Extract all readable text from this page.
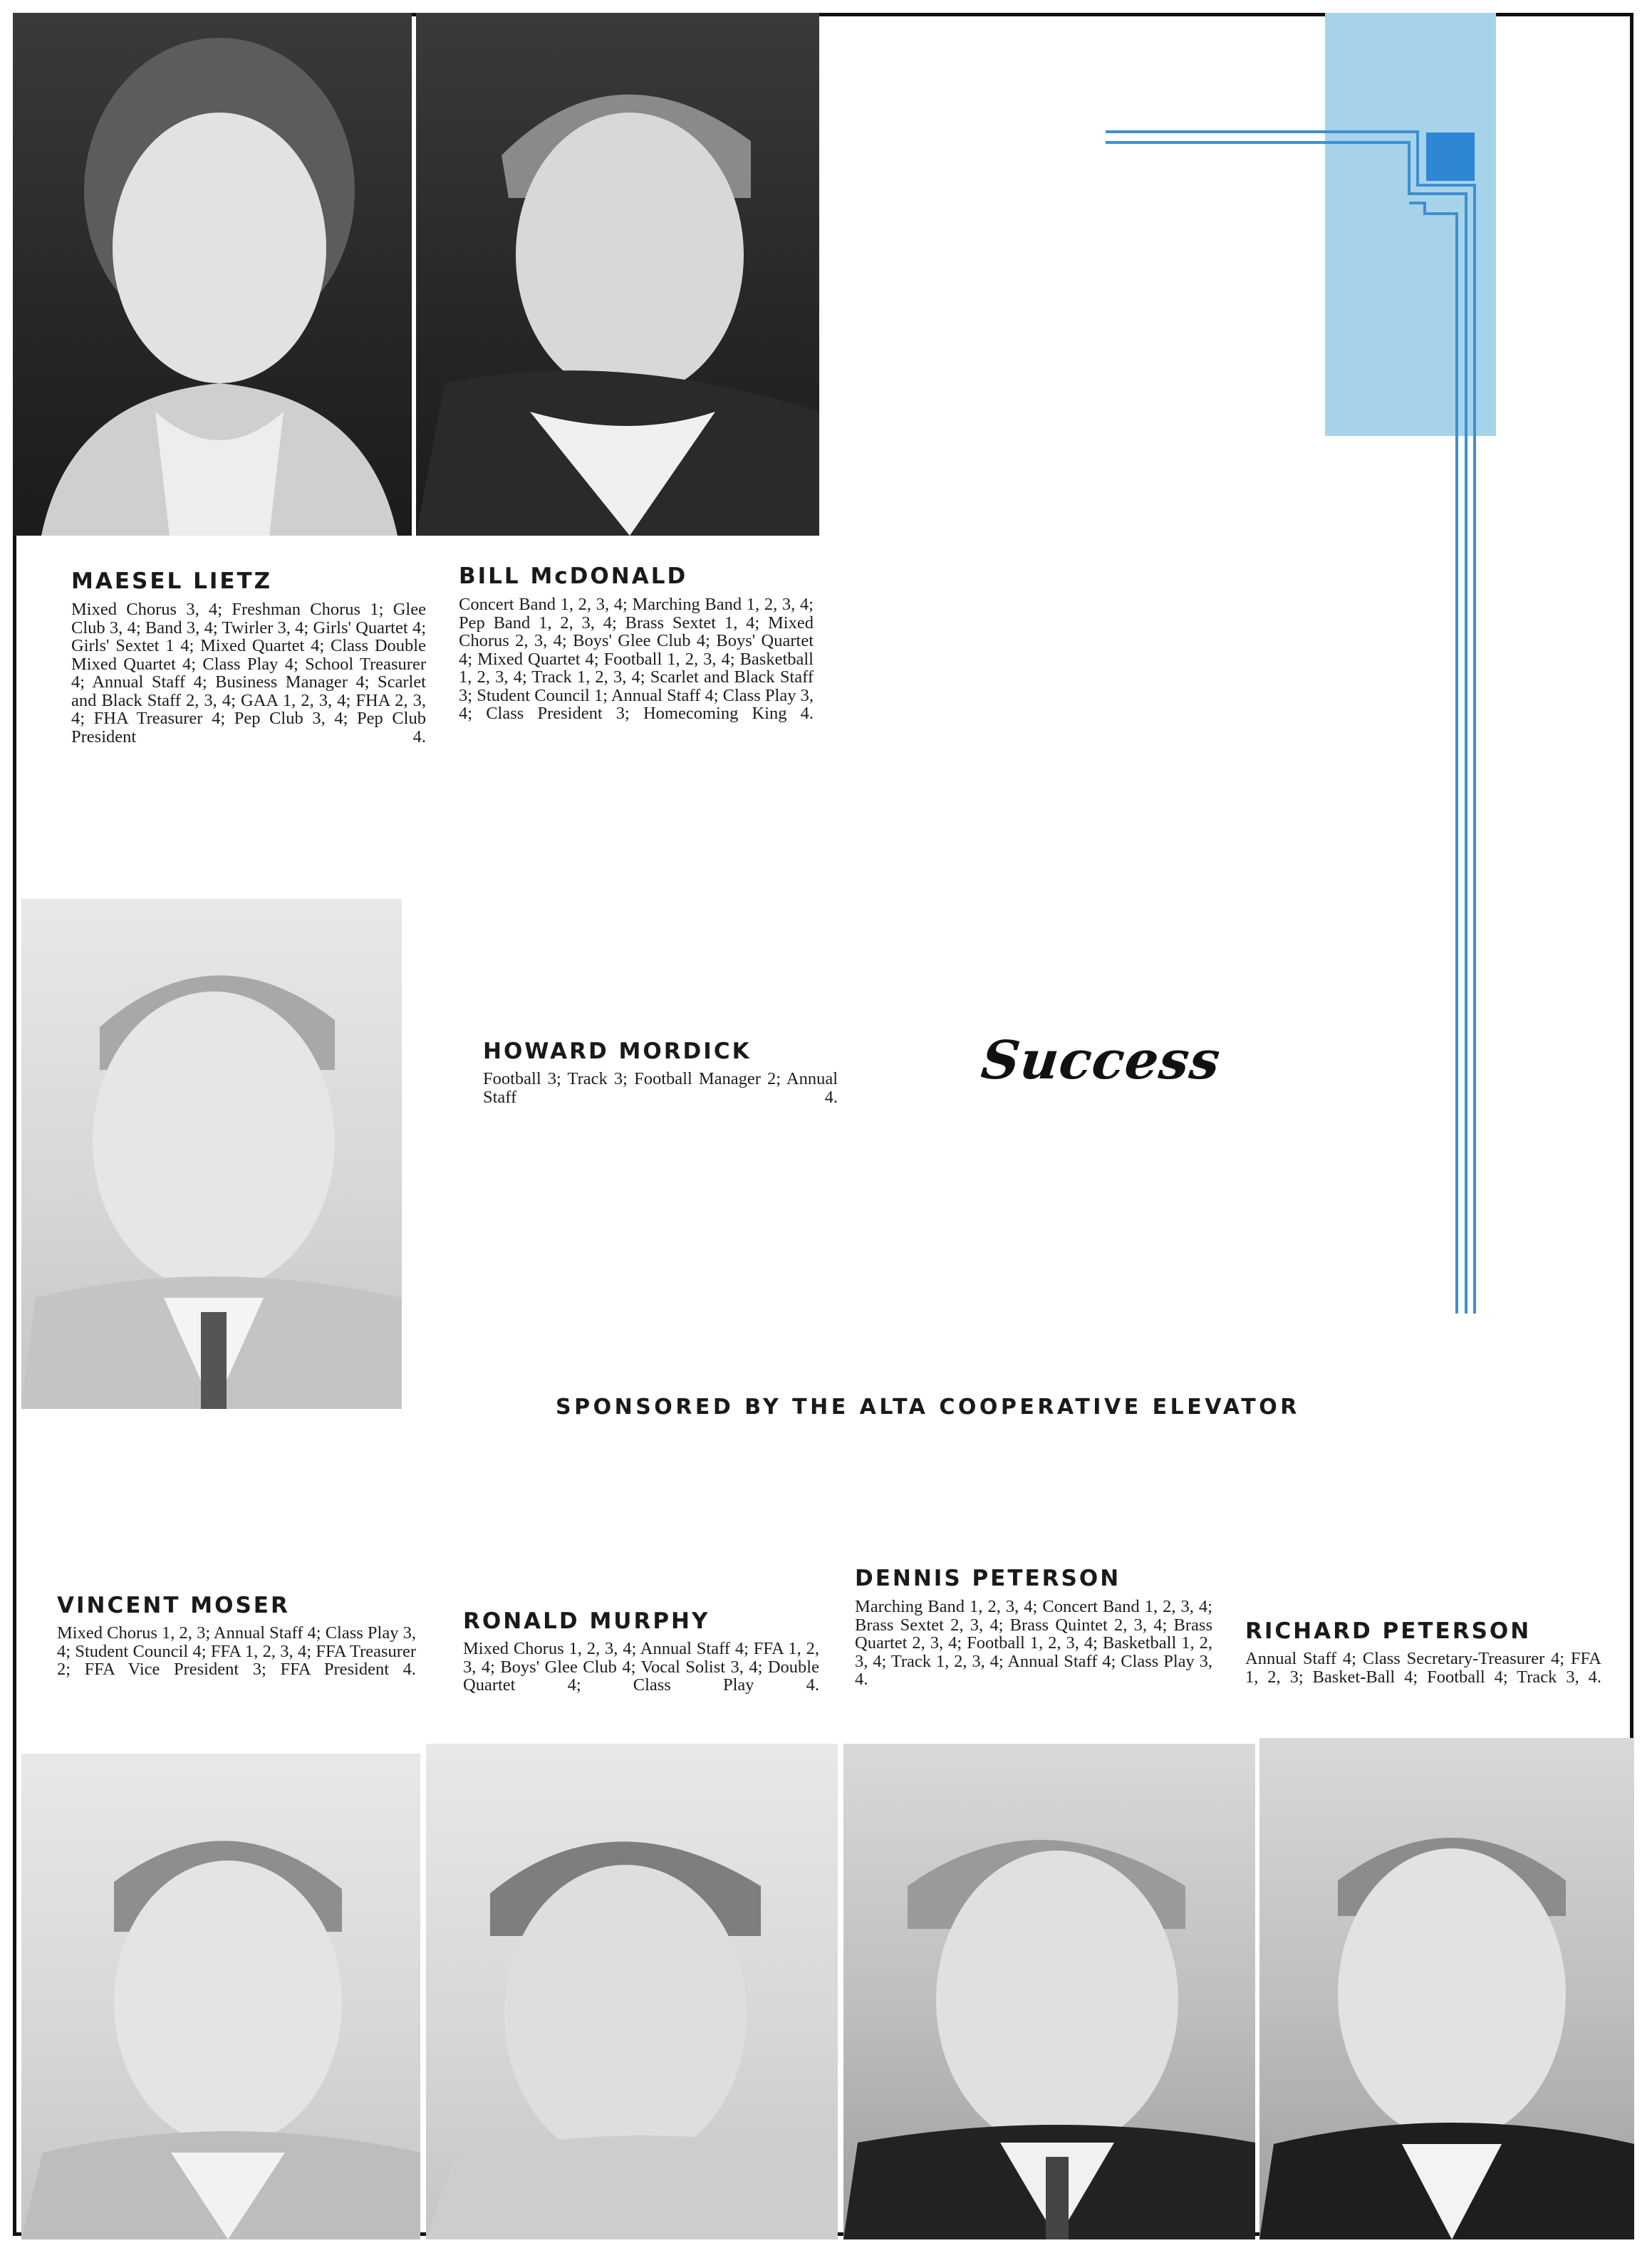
MAESEL LIETZ
Mixed Chorus 3, 4; Freshman Chorus 1; Glee Club 3, 4; Band 3, 4; Twirler 3, 4; Girls' Quartet 4; Girls' Sextet 1 4; Mixed Quartet 4; Class Double Mixed Quartet 4; Class Play 4; School Treasurer 4; Annual Staff 4; Business Manager 4; Scarlet and Black Staff 2, 3, 4; GAA 1, 2, 3, 4; FHA 2, 3, 4; FHA Treasurer 4; Pep Club 3, 4; Pep Club President 4.
BILL McDONALD
Concert Band 1, 2, 3, 4; Marching Band 1, 2, 3, 4; Pep Band 1, 2, 3, 4; Brass Sextet 1, 4; Mixed Chorus 2, 3, 4; Boys' Glee Club 4; Boys' Quartet 4; Mixed Quartet 4; Football 1, 2, 3, 4; Basketball 1, 2, 3, 4; Track 1, 2, 3, 4; Scarlet and Black Staff 3; Student Council 1; Annual Staff 4; Class Play 3, 4; Class President 3; Homecoming King 4.
HOWARD MORDICK
Football 3; Track 3; Football Manager 2; Annual Staff 4.
Success
SPONSORED BY THE ALTA COOPERATIVE ELEVATOR
VINCENT MOSER
Mixed Chorus 1, 2, 3; Annual Staff 4; Class Play 3, 4; Student Council 4; FFA 1, 2, 3, 4; FFA Treasurer 2; FFA Vice President 3; FFA President 4.
RONALD MURPHY
Mixed Chorus 1, 2, 3, 4; Annual Staff 4; FFA 1, 2, 3, 4; Boys' Glee Club 4; Vocal Solist 3, 4; Double Quartet 4; Class Play 4.
DENNIS PETERSON
Marching Band 1, 2, 3, 4; Concert Band 1, 2, 3, 4; Brass Sextet 2, 3, 4; Brass Quintet 2, 3, 4; Brass Quartet 2, 3, 4; Football 1, 2, 3, 4; Basketball 1, 2, 3, 4; Track 1, 2, 3, 4; Annual Staff 4; Class Play 3, 4.
RICHARD PETERSON
Annual Staff 4; Class Secretary-Treasurer 4; FFA 1, 2, 3; Basket-Ball 4; Football 4; Track 3, 4.
